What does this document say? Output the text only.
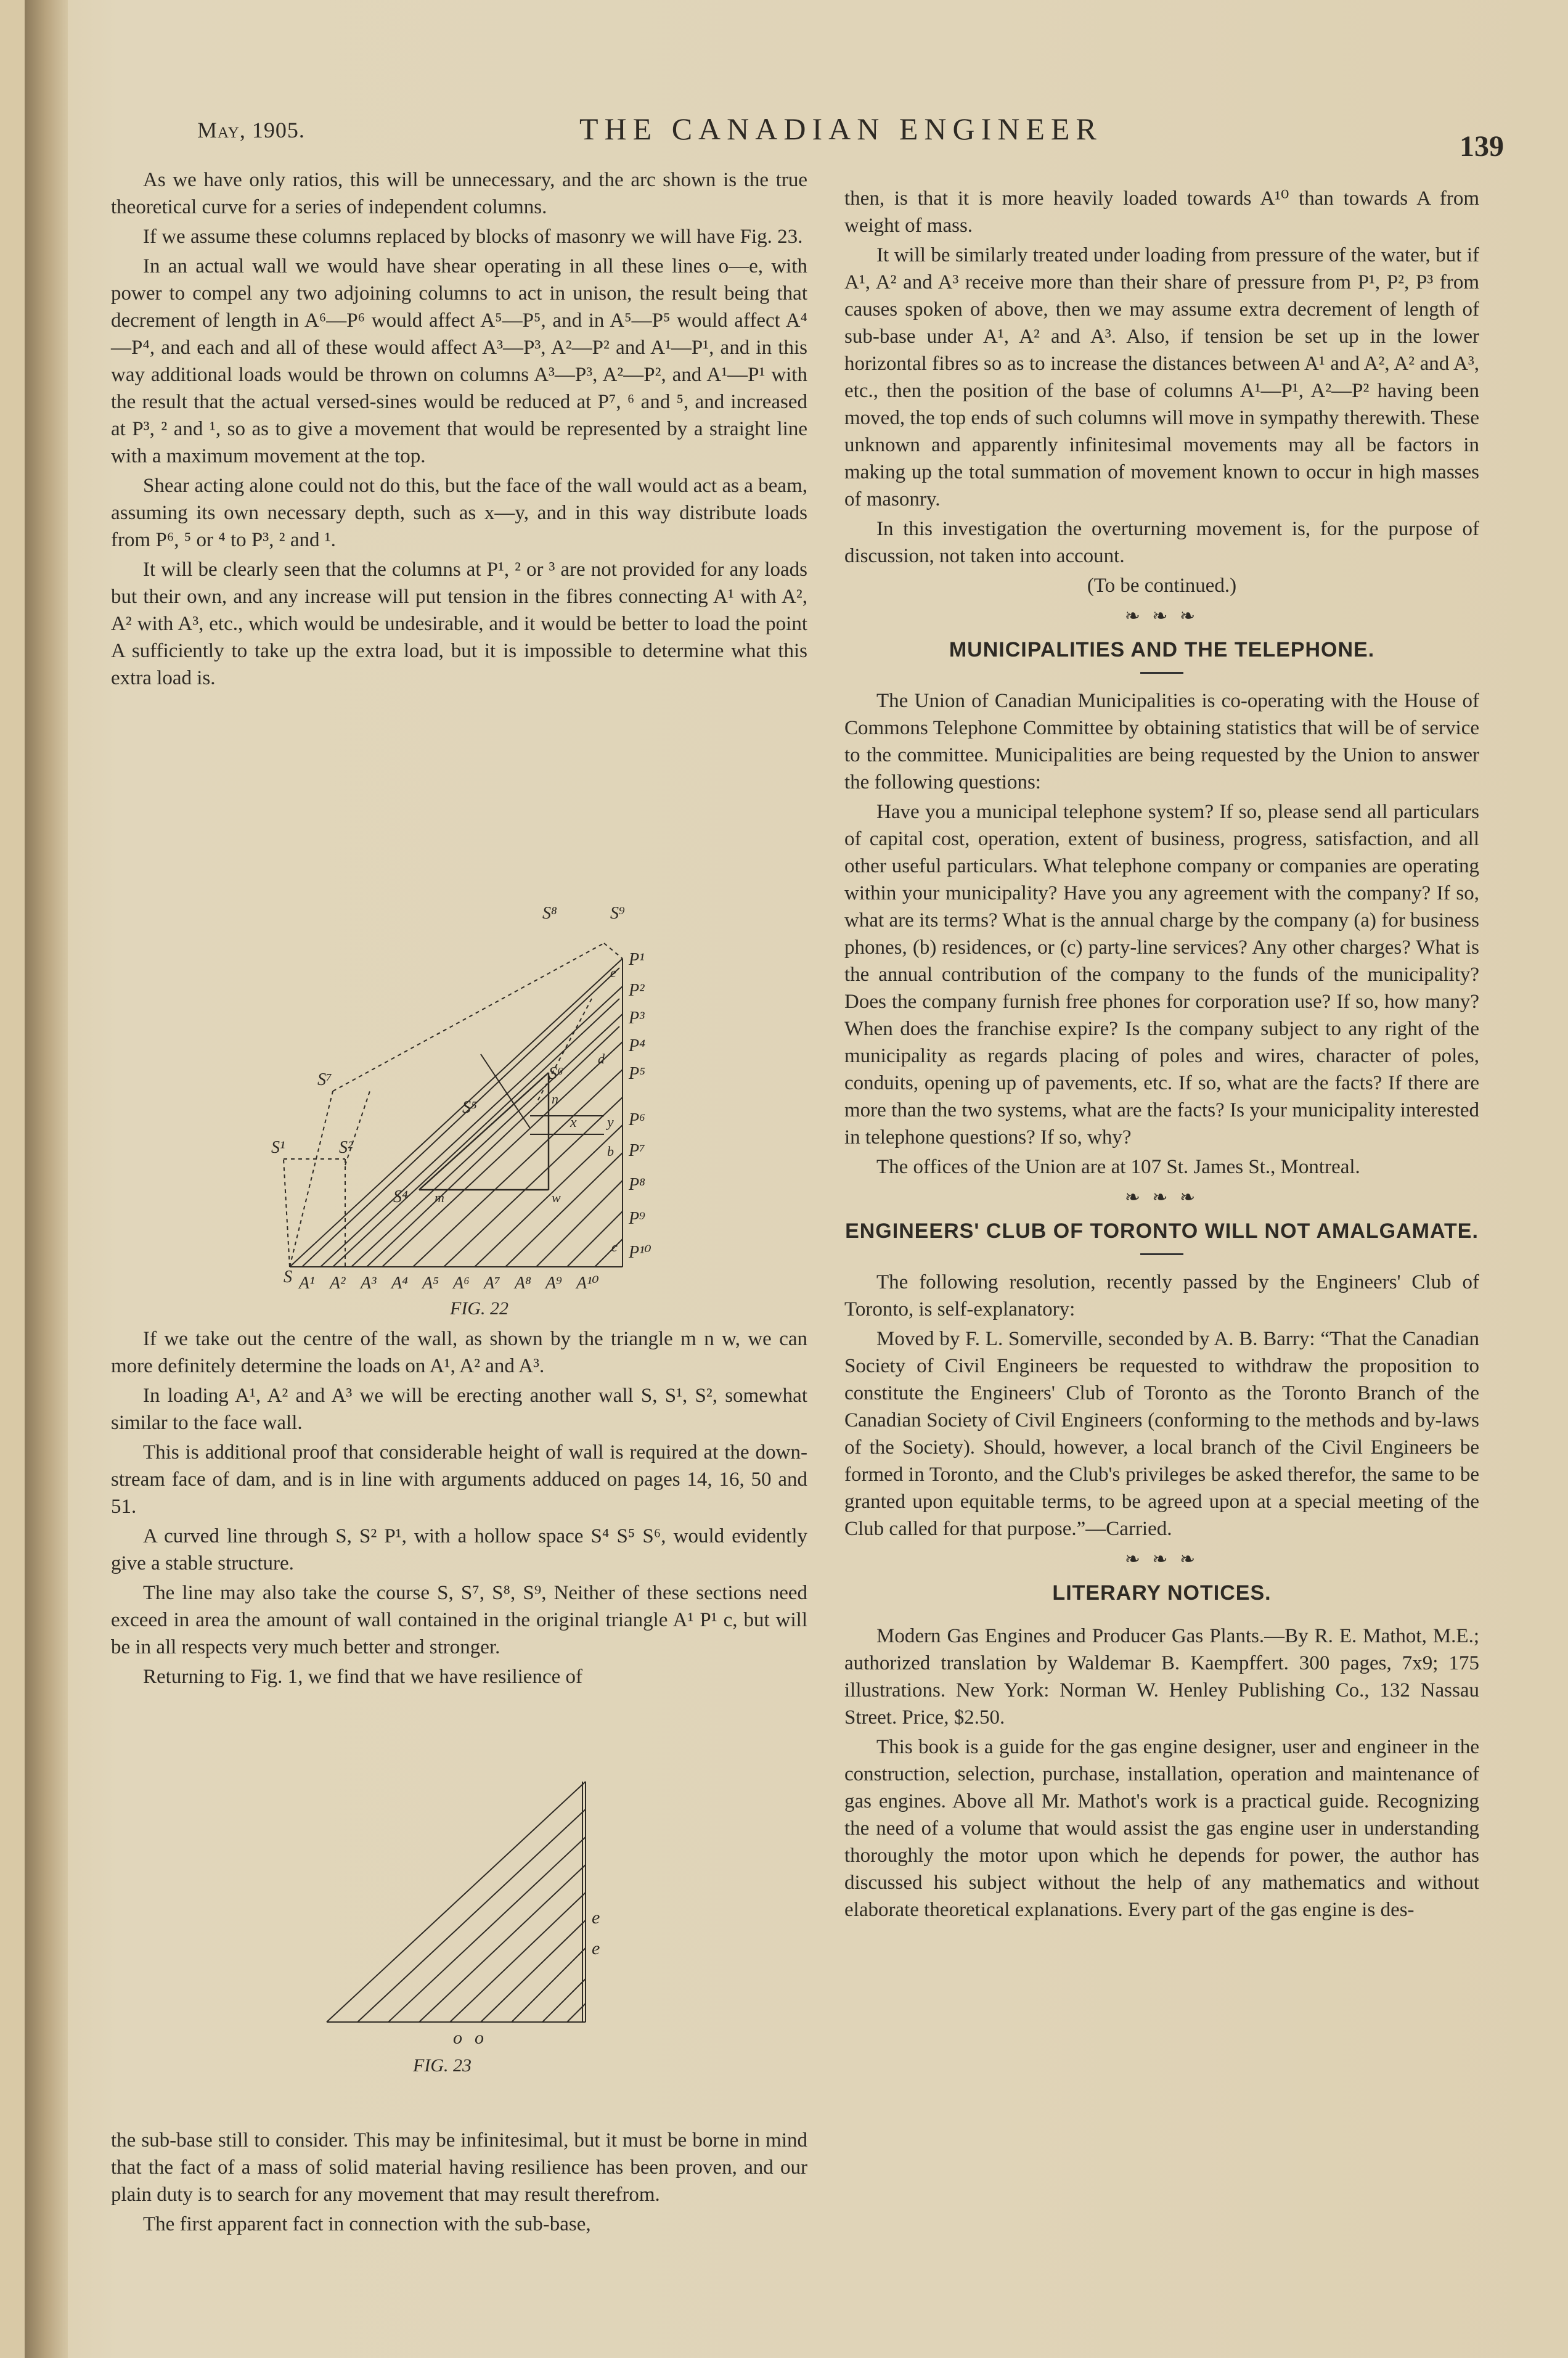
May, 1905.	THE CANADIAN ENGINEER
139

As we have only ratios, this will be unnecessary, and the arc shown is the true theoretical curve for a series of independent columns.

If we assume these columns replaced by blocks of masonry we will have Fig. 23.

In an actual wall we would have shear operating in all these lines o—e, with power to compel any two adjoining columns to act in unison, the result being that decrement of length in A⁶—P⁶ would affect A⁵—P⁵, and in A⁵—P⁵ would affect A⁴—P⁴, and each and all of these would affect A³—P³, A²—P² and A¹—P¹, and in this way additional loads would be thrown on columns A³—P³, A²—P², and A¹—P¹ with the result that the actual versed-sines would be reduced at P⁷, ⁶ and ⁵, and increased at P³, ² and ¹, so as to give a movement that would be represented by a straight line with a maximum movement at the top.

Shear acting alone could not do this, but the face of the wall would act as a beam, assuming its own necessary depth, such as x—y, and in this way distribute loads from P⁶, ⁵ or ⁴ to P³, ² and ¹.

It will be clearly seen that the columns at P¹, ² or ³ are not provided for any loads but their own, and any increase will put tension in the fibres connecting A¹ with A², A² with A³, etc., which would be undesirable, and it would be better to load the point A sufficiently to take up the extra load, but it is impossible to determine what this extra load is.

S
S¹	S²
S⁷	S⁶
S⁵
S⁴
S⁸	S⁹
P¹
P²
P³
P⁴
P⁵
P⁶
P⁷
P⁸
P⁹
P¹⁰
A¹ A² A³ A⁴ A⁵ A⁶ A⁷ A⁸ A⁹ A¹⁰
e
d
n
x y
b
m	w
c
FIG. 22

If we take out the centre of the wall, as shown by the triangle m n w, we can more definitely determine the loads on A¹, A² and A³.

In loading A¹, A² and A³ we will be erecting another wall S, S¹, S², somewhat similar to the face wall.

This is additional proof that considerable height of wall is required at the down-stream face of dam, and is in line with arguments adduced on pages 14, 16, 50 and 51.

A curved line through S, S² P¹, with a hollow space S⁴ S⁵ S⁶, would evidently give a stable structure.

The line may also take the course S, S⁷, S⁸, S⁹, Neither of these sections need exceed in area the amount of wall contained in the original triangle A¹ P¹ c, but will be in all respects very much better and stronger.

Returning to Fig. 1, we find that we have resilience of

e
e
o o
FIG. 23

the sub-base still to consider. This may be infinitesimal, but it must be borne in mind that the fact of a mass of solid material having resilience has been proven, and our plain duty is to search for any movement that may result therefrom.

The first apparent fact in connection with the sub-base,

then, is that it is more heavily loaded towards A¹⁰ than towards A from weight of mass.

It will be similarly treated under loading from pressure of the water, but if A¹, A² and A³ receive more than their share of pressure from P¹, P², P³ from causes spoken of above, then we may assume extra decrement of length of sub-base under A¹, A² and A³. Also, if tension be set up in the lower horizontal fibres so as to increase the distances between A¹ and A², A² and A³, etc., then the position of the base of columns A¹—P¹, A²—P² having been moved, the top ends of such columns will move in sympathy therewith. These unknown and apparently infinitesimal movements may all be factors in making up the total summation of movement known to occur in high masses of masonry.

In this investigation the overturning movement is, for the purpose of discussion, not taken into account.

(To be continued.)

❧ ❧ ❧
MUNICIPALITIES AND THE TELEPHONE.

The Union of Canadian Municipalities is co-operating with the House of Commons Telephone Committee by obtaining statistics that will be of service to the committee. Municipalities are being requested by the Union to answer the following questions:

Have you a municipal telephone system? If so, please send all particulars of capital cost, operation, extent of business, progress, satisfaction, and all other useful particulars. What telephone company or companies are operating within your municipality? Have you any agreement with the company? If so, what are its terms? What is the annual charge by the company (a) for business phones, (b) residences, or (c) party-line services? Any other charges? What is the annual contribution of the company to the funds of the municipality? Does the company furnish free phones for corporation use? If so, how many? When does the franchise expire? Is the company subject to any right of the municipality as regards placing of poles and wires, character of poles, conduits, opening up of pavements, etc. If so, what are the facts? If there are more than the two systems, what are the facts? Is your municipality interested in telephone questions? If so, why?

The offices of the Union are at 107 St. James St., Montreal.

❧ ❧ ❧
ENGINEERS' CLUB OF TORONTO WILL NOT AMALGAMATE.

The following resolution, recently passed by the Engineers' Club of Toronto, is self-explanatory:

Moved by F. L. Somerville, seconded by A. B. Barry: “That the Canadian Society of Civil Engineers be requested to withdraw the proposition to constitute the Engineers' Club of Toronto as the Toronto Branch of the Canadian Society of Civil Engineers (conforming to the methods and by-laws of the Society). Should, however, a local branch of the Civil Engineers be formed in Toronto, and the Club's privileges be asked therefor, the same to be granted upon equitable terms, to be agreed upon at a special meeting of the Club called for that purpose.”—Carried.

❧ ❧ ❧
LITERARY NOTICES.

Modern Gas Engines and Producer Gas Plants.—By R. E. Mathot, M.E.; authorized translation by Waldemar B. Kaempffert. 300 pages, 7x9; 175 illustrations. New York: Norman W. Henley Publishing Co., 132 Nassau Street. Price, $2.50.

This book is a guide for the gas engine designer, user and engineer in the construction, selection, purchase, installation, operation and maintenance of gas engines. Above all Mr. Mathot's work is a practical guide. Recognizing the need of a volume that would assist the gas engine user in understanding thoroughly the motor upon which he depends for power, the author has discussed his subject without the help of any mathematics and without elaborate theoretical explanations. Every part of the gas engine is des-
